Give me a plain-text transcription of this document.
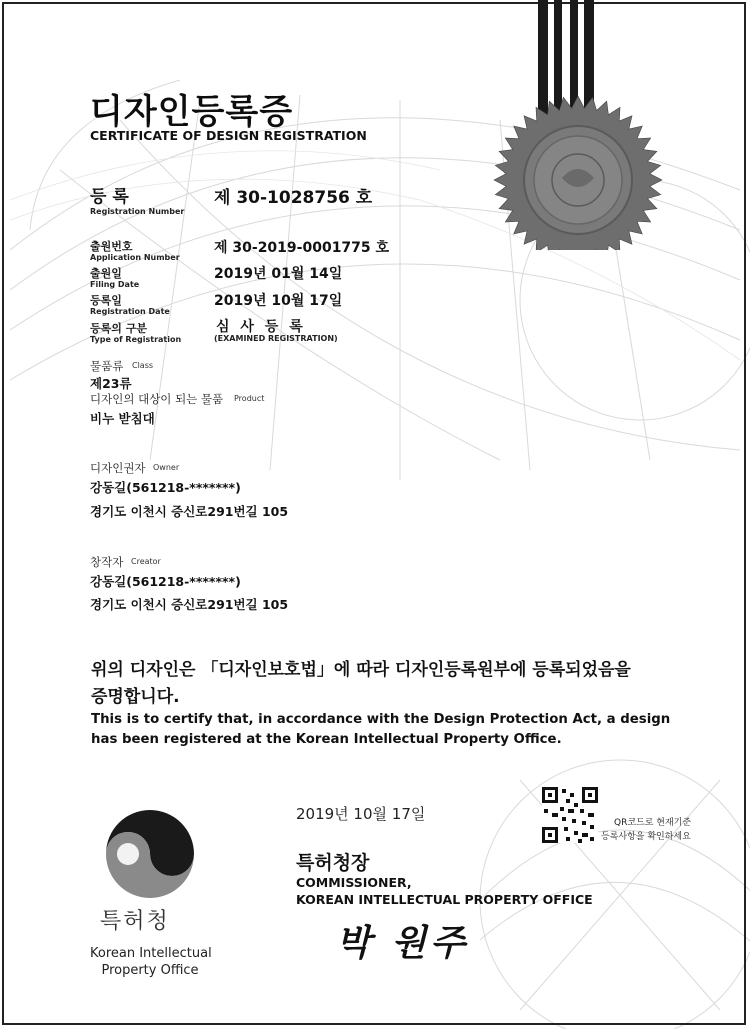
디자인등록증
CERTIFICATE OF DESIGN REGISTRATION
등 록
Registration Number
제 30-1028756 호
출원번호
Application Number
제 30-2019-0001775 호
출원일
Filing Date
2019년 01월 14일
등록일
Registration Date
2019년 10월 17일
등록의 구분
Type of Registration
심 사 등 록
(EXAMINED REGISTRATION)
물품류 Class
제23류
디자인의 대상이 되는 물품 Product
비누 받침대
디자인권자 Owner
강동길(561218-*******)
경기도 이천시 증신로291번길 105
창작자 Creator
강동길(561218-*******)
경기도 이천시 증신로291번길 105
위의 디자인은 「디자인보호법」에 따라 디자인등록원부에 등록되었음을
증명합니다.
This is to certify that, in accordance with the Design Protection Act, a design
has been registered at the Korean Intellectual Property Office.
2019년 10월 17일	QR코드로 현재기준
등록사항을 확인하세요
특허청장
COMMISSIONER,
KOREAN INTELLECTUAL PROPERTY OFFICE
박 원주
특허청
Korean Intellectual
Property Office
